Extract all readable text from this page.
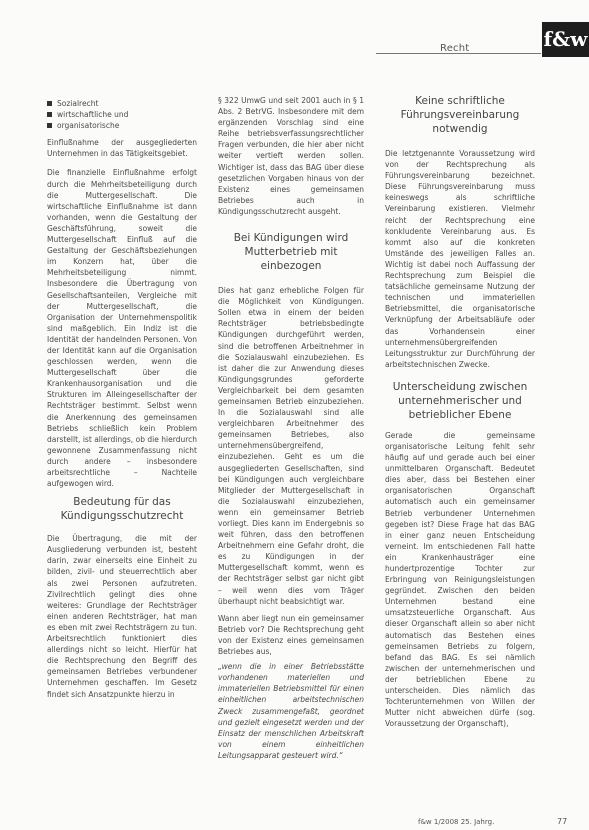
Recht	f&w
Sozialrecht
wirtschaftliche und
organisatorische

Einflußnahme der ausgegliederten Unternehmen in das Tätigkeitsgebiet.

Die finanzielle Einflußnahme erfolgt durch die Mehrheitsbeteiligung durch die Muttergesellschaft. Die wirtschaftliche Einflußnahme ist dann vorhanden, wenn die Gestaltung der Geschäftsführung, soweit die Muttergesellschaft Einfluß auf die Gestaltung der Geschäftsbeziehungen im Konzern hat, über die Mehrheitsbeteiligung nimmt. Insbesondere die Übertragung von Gesellschaftsanteilen, Vergleiche mit der Muttergesellschaft, die Organisation der Unternehmenspolitik sind maßgeblich. Ein Indiz ist die Identität der handelnden Personen. Von der Identität kann auf die Organisation geschlossen werden, wenn die Muttergesellschaft über die Krankenhausorganisation und die Strukturen im Alleingesellschafter der Rechtsträger bestimmt. Selbst wenn die Anerkennung des gemeinsamen Betriebs schließlich kein Problem darstellt, ist allerdings, ob die hierdurch gewonnene Zusammenfassung nicht durch andere – insbesondere arbeitsrechtliche – Nachteile aufgewogen wird.

Bedeutung für das Kündigungsschutzrecht

Die Übertragung, die mit der Ausgliederung verbunden ist, besteht darin, zwar einerseits eine Einheit zu bilden, zivil- und steuerrechtlich aber als zwei Personen aufzutreten. Zivilrechtlich gelingt dies ohne weiteres: Grundlage der Rechtsträger einen anderen Rechtsträger, hat man es eben mit zwei Rechtsträgern zu tun. Arbeitsrechtlich funktioniert dies allerdings nicht so leicht. Hierfür hat die Rechtsprechung den Begriff des gemeinsamen Betriebes verbundener Unternehmen geschaffen. Im Gesetz findet sich Ansatzpunkte hierzu in

§ 322 UmwG und seit 2001 auch in § 1 Abs. 2 BetrVG. Insbesondere mit dem ergänzenden Vorschlag sind eine Reihe betriebsverfassungsrechtlicher Fragen verbunden, die hier aber nicht weiter vertieft werden sollen. Wichtiger ist, dass das BAG über diese gesetzlichen Vorgaben hinaus von der Existenz eines gemeinsamen Betriebes auch in Kündigungsschutzrecht ausgeht.

Bei Kündigungen wird Mutterbetrieb mit einbezogen

Dies hat ganz erhebliche Folgen für die Möglichkeit von Kündigungen. Sollen etwa in einem der beiden Rechtsträger betriebsbedingte Kündigungen durchgeführt werden, sind die betroffenen Arbeitnehmer in die Sozialauswahl einzubeziehen. Es ist daher die zur Anwendung dieses Kündigungsgrundes geforderte Vergleichbarkeit bei dem gesamten gemeinsamen Betrieb einzubeziehen. In die Sozialauswahl sind alle vergleichbaren Arbeitnehmer des gemeinsamen Betriebes, also unternehmensübergreifend, einzubeziehen. Geht es um die ausgegliederten Gesellschaften, sind bei Kündigungen auch vergleichbare Mitglieder der Muttergesellschaft in die Sozialauswahl einzubeziehen, wenn ein gemeinsamer Betrieb vorliegt. Dies kann im Endergebnis so weit führen, dass den betroffenen Arbeitnehmern eine Gefahr droht, die es zu Kündigungen in der Muttergesellschaft kommt, wenn es der Rechtsträger selbst gar nicht gibt – weil wenn dies vom Träger überhaupt nicht beabsichtigt war.

Wann aber liegt nun ein gemeinsamer Betrieb vor? Die Rechtsprechung geht von der Existenz eines gemeinsamen Betriebes aus,

„wenn die in einer Betriebsstätte vorhandenen materiellen und immateriellen Betriebsmittel für einen einheitlichen arbeitstechnischen Zweck zusammengefaßt, geordnet und gezielt eingesetzt werden und der Einsatz der menschlichen Arbeitskraft von einem einheitlichen Leitungsapparat gesteuert wird.“

Keine schriftliche Führungsvereinbarung notwendig

Die letztgenannte Voraussetzung wird von der Rechtsprechung als Führungsvereinbarung bezeichnet. Diese Führungsvereinbarung muss keineswegs als schriftliche Vereinbarung existieren. Vielmehr reicht der Rechtsprechung eine konkludente Vereinbarung aus. Es kommt also auf die konkreten Umstände des jeweiligen Falles an. Wichtig ist dabei noch Auffassung der Rechtsprechung zum Beispiel die tatsächliche gemeinsame Nutzung der technischen und immateriellen Betriebsmittel, die organisatorische Verknüpfung der Arbeitsabläufe oder das Vorhandensein einer unternehmensübergreifenden Leitungsstruktur zur Durchführung der arbeitstechnischen Zwecke.

Unterscheidung zwischen unternehmerischer und betrieblicher Ebene

Gerade die gemeinsame organisatorische Leitung fehlt sehr häufig auf und gerade auch bei einer unmittelbaren Organschaft. Bedeutet dies aber, dass bei Bestehen einer organisatorischen Organschaft automatisch auch ein gemeinsamer Betrieb verbundener Unternehmen gegeben ist? Diese Frage hat das BAG in einer ganz neuen Entscheidung verneint. Im entschiedenen Fall hatte ein Krankenhausträger eine hundertprozentige Tochter zur Erbringung von Reinigungsleistungen gegründet. Zwischen den beiden Unternehmen bestand eine umsatzsteuerliche Organschaft. Aus dieser Organschaft allein so aber nicht automatisch das Bestehen eines gemeinsamen Betriebs zu folgern, befand das BAG. Es sei nämlich zwischen der unternehmerischen und der betrieblichen Ebene zu unterscheiden. Dies nämlich das Tochterunternehmen von Willen der Mutter nicht abweichen dürfe (sog. Voraussetzung der Organschaft),

f&w 1/2008 25. Jahrg.	77
